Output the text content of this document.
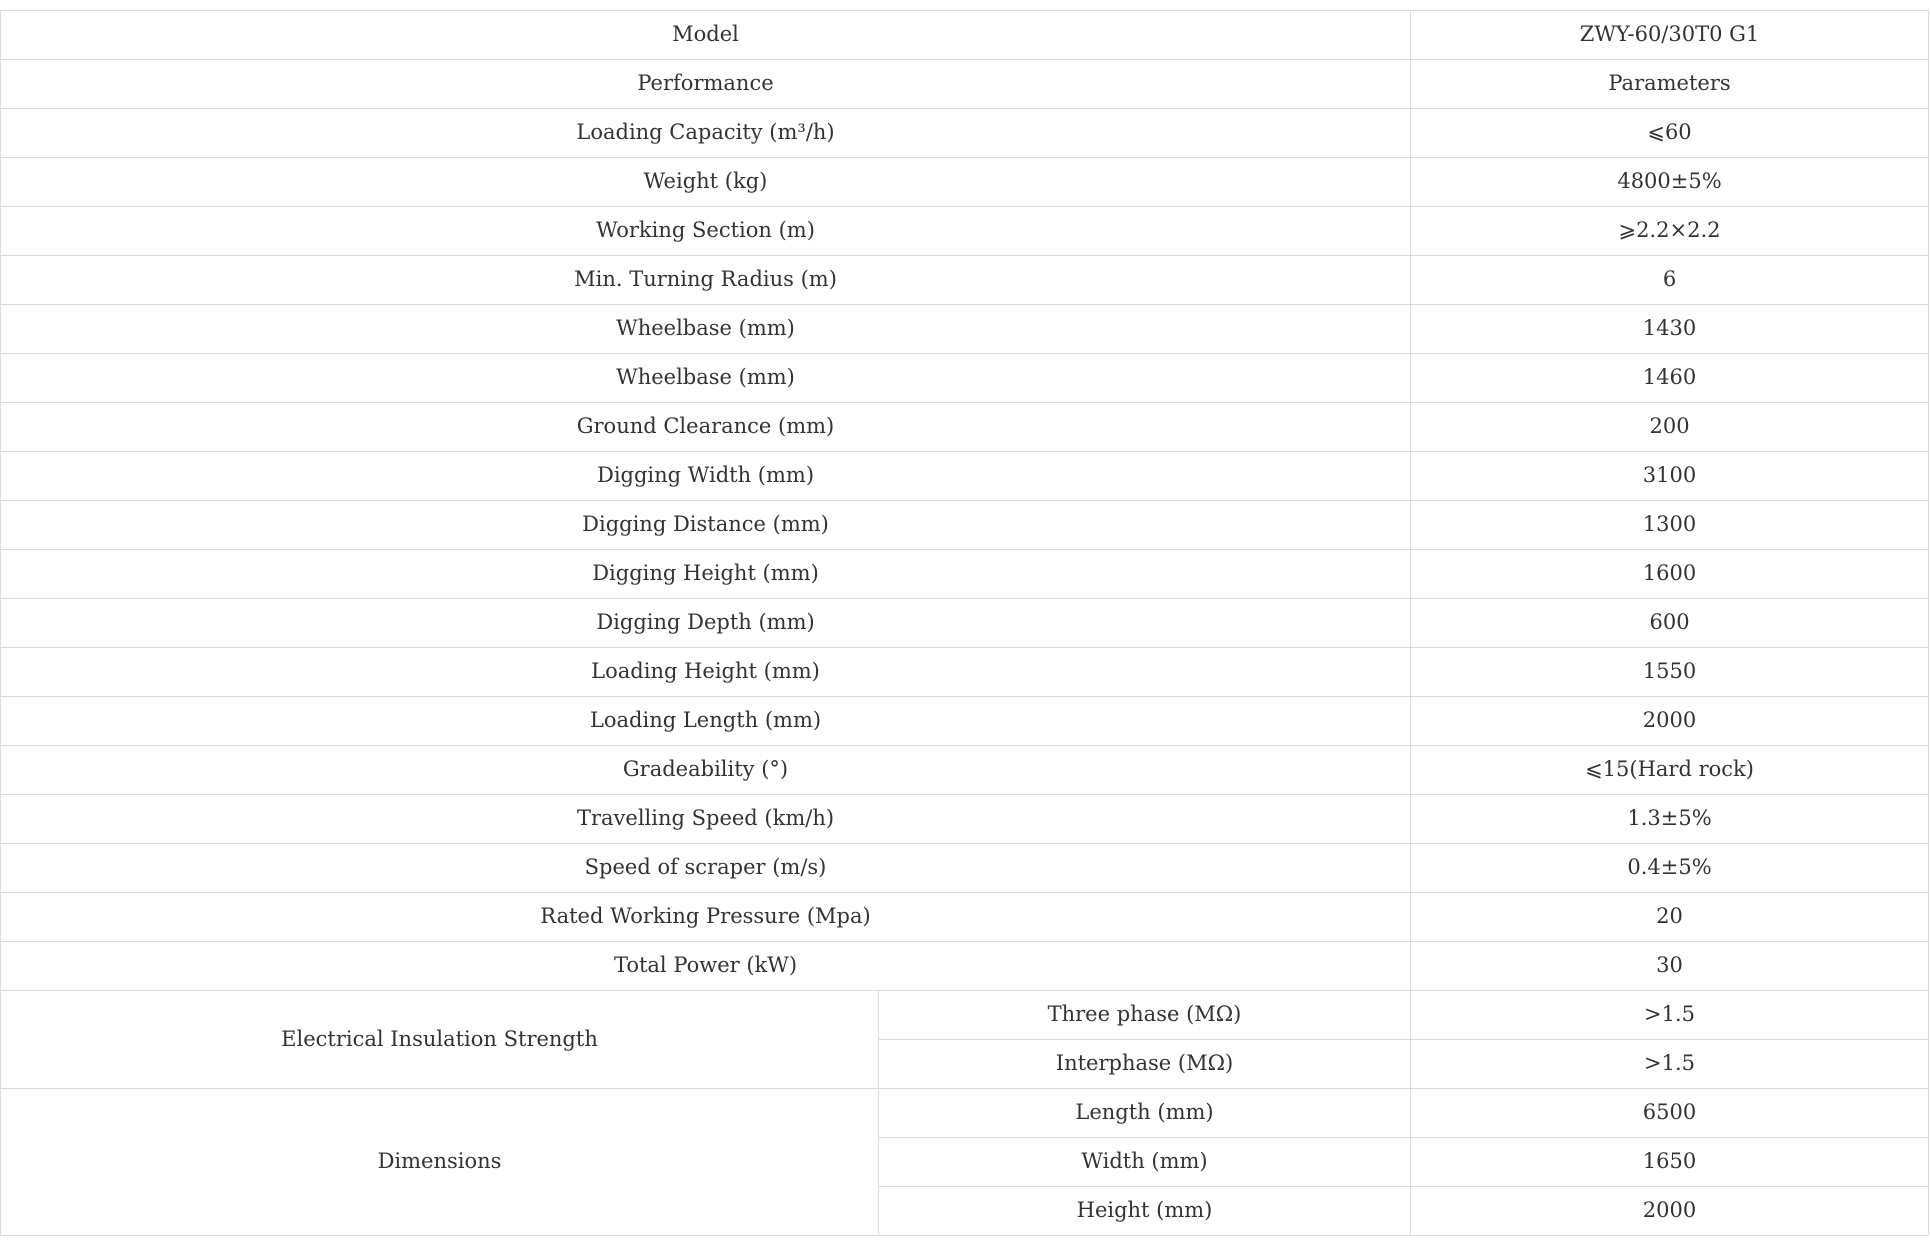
Model		ZWY-60/30T0 G1
Performance		Parameters
Loading Capacity (m³/h)		⩽60
Weight (kg)		4800±5%
Working Section (m)		⩾2.2×2.2
Min. Turning Radius (m)		6
Wheelbase (mm)		1430
Wheelbase (mm)		1460
Ground Clearance (mm)		200
Digging Width (mm)		3100
Digging Distance (mm)		1300
Digging Height (mm)		1600
Digging Depth (mm)		600
Loading Height (mm)		1550
Loading Length (mm)		2000
Gradeability (°)		⩽15(Hard rock)
Travelling Speed (km/h)		1.3±5%
Speed of scraper (m/s)		0.4±5%
Rated Working Pressure (Mpa)		20
Total Power (kW)		30
Electrical Insulation Strength	Three phase (MΩ)	>1.5
	Interphase (MΩ)	>1.5
Dimensions	Length (mm)	6500
	Width (mm)	1650
	Height (mm)	2000
